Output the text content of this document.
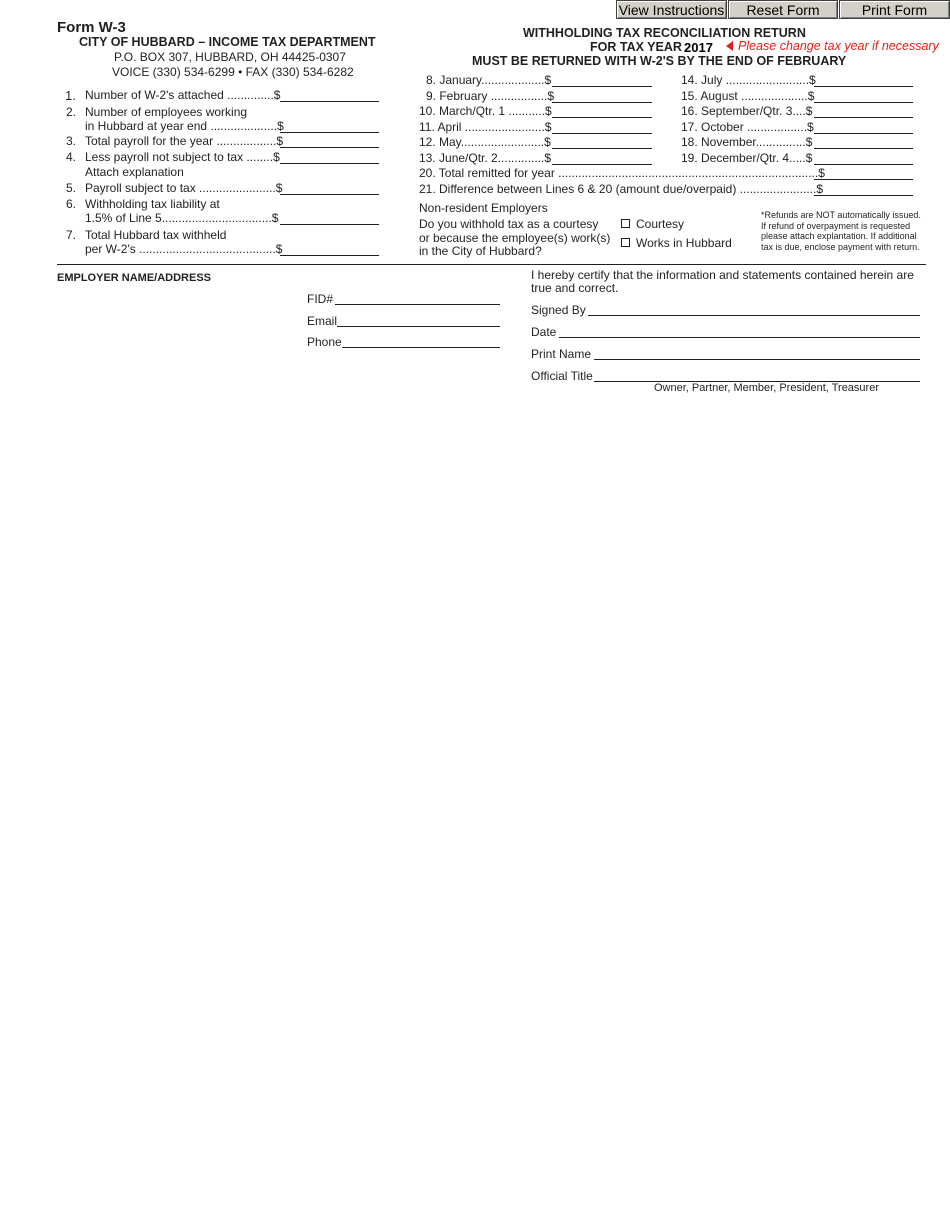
View Instructions	Reset Form	Print Form
Form W-3
CITY OF HUBBARD – INCOME TAX DEPARTMENT
P.O. BOX 307, HUBBARD, OH 44425-0307
VOICE (330) 534-6299 • FAX (330) 534-6282
WITHHOLDING TAX RECONCILIATION RETURN
FOR TAX YEAR
2017	Please change tax year if necessary
MUST BE RETURNED WITH W-2'S BY THE END OF FEBRUARY
1. Number of W-2's attached ..............$
2. Number of employees working
in Hubbard at year end ....................$
3. Total payroll for the year ..................$
4. Less payroll not subject to tax ........$
Attach explanation
5. Payroll subject to tax .......................$
6. Withholding tax liability at
1.5% of Line 5.................................$
7. Total Hubbard tax withheld
per W-2's .........................................$
8. January...................$
9. February .................$
10. March/Qtr. 1 ...........$
11. April ........................$
12. May.........................$
13. June/Qtr. 2..............$
14. July .........................$
15. August ....................$
16. September/Qtr. 3....$
17. October ..................$
18. November...............$
19. December/Qtr. 4.....$
20. Total remitted for year ..............................................................................$
21. Difference between Lines 6 & 20 (amount due/overpaid) .......................$
Non-resident Employers
Do you withhold tax as a courtesy
or because the employee(s) work(s)
in the City of Hubbard?
Courtesy
Works in Hubbard
*Refunds are NOT automatically issued.
If refund of overpayment is requested
please attach explantation. If additional
tax is due, enclose payment with return.
EMPLOYER NAME/ADDRESS
FID#
Email
Phone
I hereby certify that the information and statements contained herein are
true and correct.
Signed By
Date
Print Name
Official Title
Owner, Partner, Member, President, Treasurer
